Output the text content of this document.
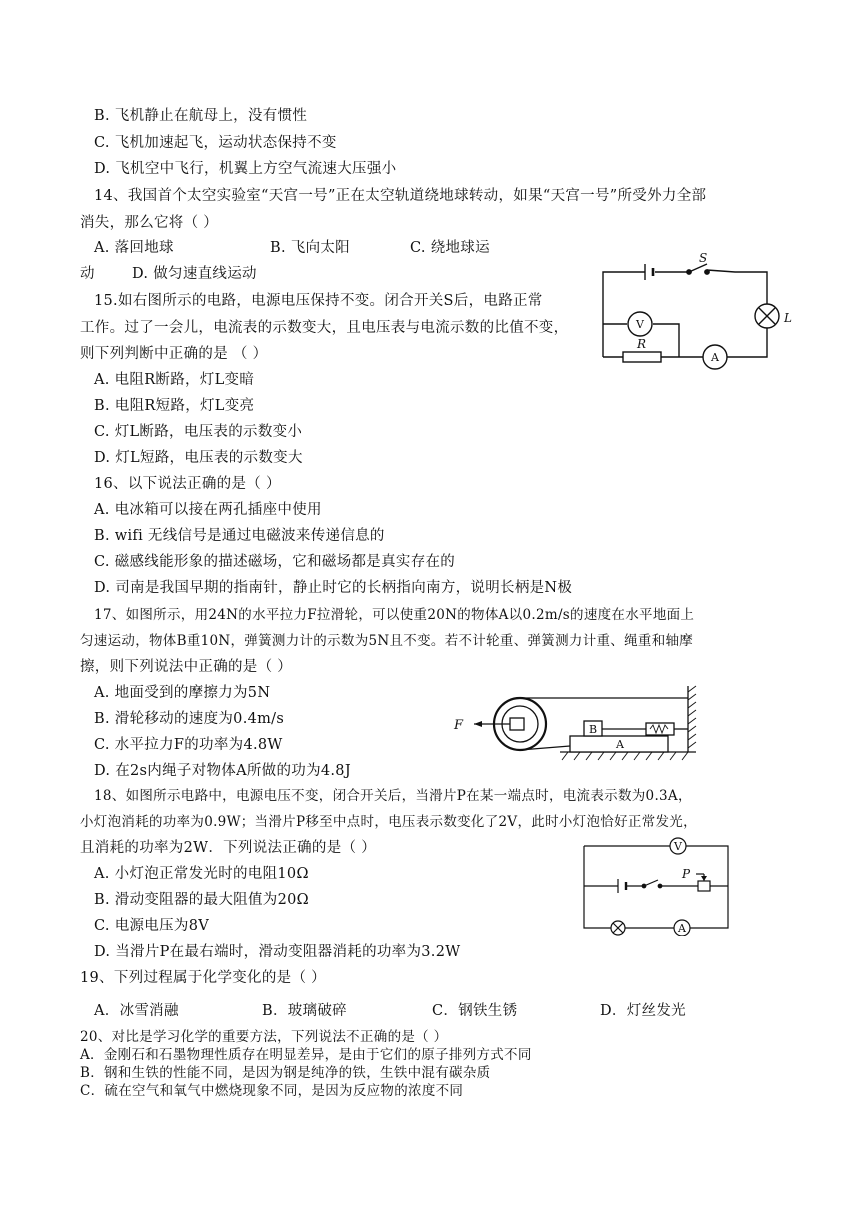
B. 飞机静止在航母上，没有惯性
C. 飞机加速起飞，运动状态保持不变
D. 飞机空中飞行，机翼上方空气流速大压强小
14、我国首个太空实验室“天宫一号”正在太空轨道绕地球转动，如果“天宫一号”所受外力全部
消失，那么它将（ ）
A. 落回地球	B. 飞向太阳	C. 绕地球运
动	D. 做匀速直线运动
15.如右图所示的电路，电源电压保持不变。闭合开关S后，电路正常
工作。过了一会儿，电流表的示数变大，且电压表与电流示数的比值不变，
则下列判断中正确的是 （ ）
A. 电阻R断路，灯L变暗
B. 电阻R短路，灯L变亮
C. 灯L断路，电压表的示数变小
D. 灯L短路，电压表的示数变大
S
L
R
V
A
16、以下说法正确的是（ ）
A. 电冰箱可以接在两孔插座中使用
B. wifi 无线信号是通过电磁波来传递信息的
C. 磁感线能形象的描述磁场，它和磁场都是真实存在的
D. 司南是我国早期的指南针，静止时它的长柄指向南方，说明长柄是N极
17、如图所示，用24N的水平拉力F拉滑轮，可以使重20N的物体A以0.2m/s的速度在水平地面上
匀速运动，物体B重10N，弹簧测力计的示数为5N且不变。若不计轮重、弹簧测力计重、绳重和轴摩
擦，则下列说法中正确的是（ ）
A. 地面受到的摩擦力为5N
B. 滑轮移动的速度为0.4m/s
C. 水平拉力F的功率为4.8W
D. 在2s内绳子对物体A所做的功为4.8J
F	B
A
18、如图所示电路中，电源电压不变，闭合开关后，当滑片P在某一端点时，电流表示数为0.3A，
小灯泡消耗的功率为0.9W；当滑片P移至中点时，电压表示数变化了2V，此时小灯泡恰好正常发光，
且消耗的功率为2W．下列说法正确的是（ ）
A. 小灯泡正常发光时的电阻10Ω
B. 滑动变阻器的最大阻值为20Ω
C. 电源电压为8V
D. 当滑片P在最右端时，滑动变阻器消耗的功率为3.2W
V
A
P
19、下列过程属于化学变化的是（ ）
A．冰雪消融	B．玻璃破碎	C．钢铁生锈	D．灯丝发光
20、对比是学习化学的重要方法，下列说法不正确的是（ ）
A．金刚石和石墨物理性质存在明显差异，是由于它们的原子排列方式不同
B．钢和生铁的性能不同，是因为钢是纯净的铁，生铁中混有碳杂质
C．硫在空气和氧气中燃烧现象不同，是因为反应物的浓度不同
